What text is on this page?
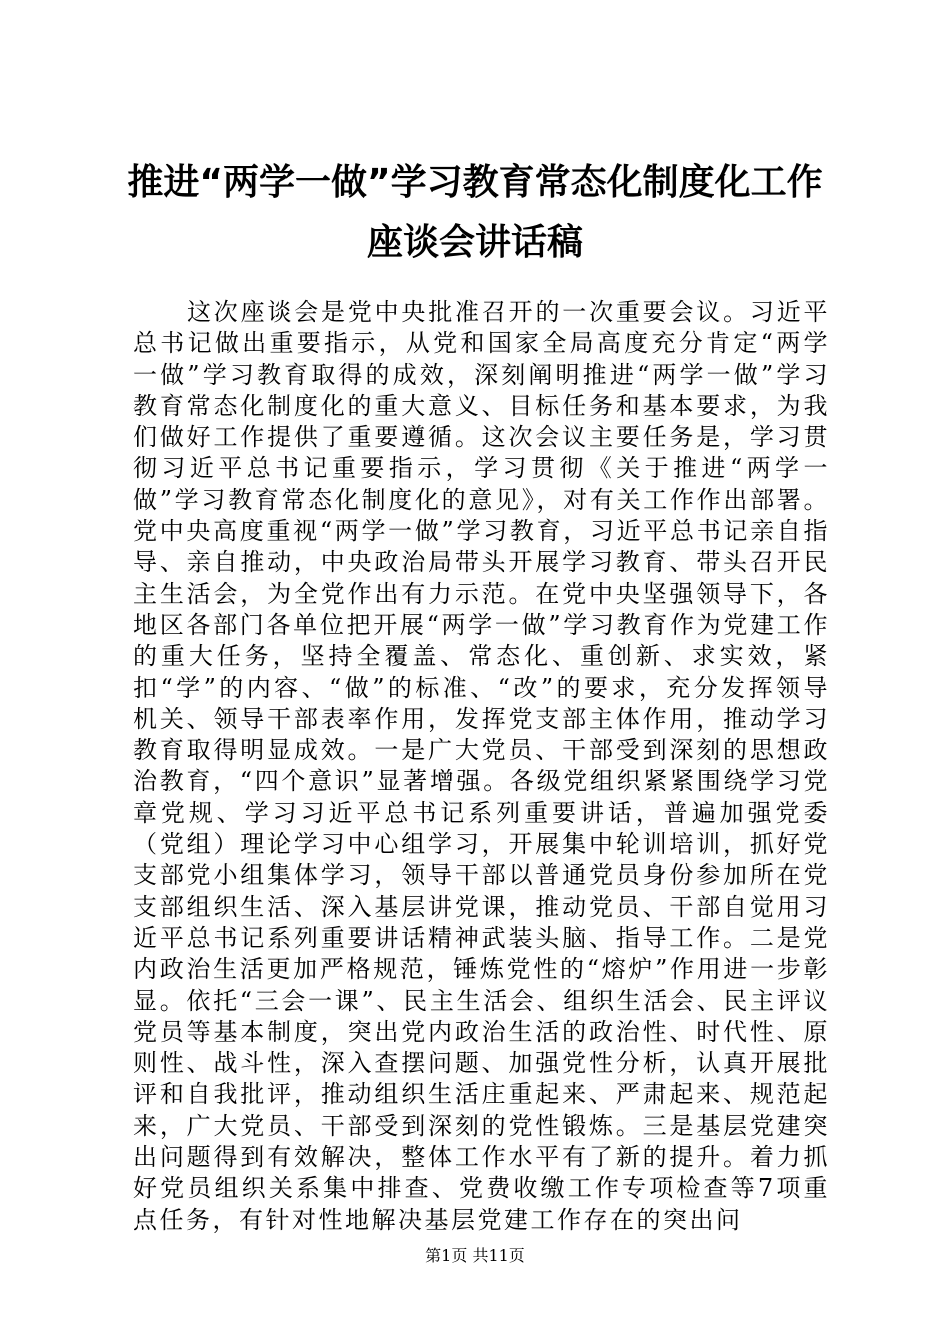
推进“两学一做”学习教育常态化制度化工作
座谈会讲话稿

这次座谈会是党中央批准召开的一次重要会议。习近平总书记做出重要指示，从党和国家全局高度充分肯定“两学一做”学习教育取得的成效，深刻阐明推进“两学一做”学习教育常态化制度化的重大意义、目标任务和基本要求，为我们做好工作提供了重要遵循。这次会议主要任务是，学习贯彻习近平总书记重要指示，学习贯彻《关于推进“两学一做”学习教育常态化制度化的意见》，对有关工作作出部署。党中央高度重视“两学一做”学习教育，习近平总书记亲自指导、亲自推动，中央政治局带头开展学习教育、带头召开民主生活会，为全党作出有力示范。在党中央坚强领导下，各地区各部门各单位把开展“两学一做”学习教育作为党建工作的重大任务，坚持全覆盖、常态化、重创新、求实效，紧扣“学”的内容、“做”的标准、“改”的要求，充分发挥领导机关、领导干部表率作用，发挥党支部主体作用，推动学习教育取得明显成效。一是广大党员、干部受到深刻的思想政治教育，“四个意识”显著增强。各级党组织紧紧围绕学习党章党规、学习习近平总书记系列重要讲话，普遍加强党委（党组）理论学习中心组学习，开展集中轮训培训，抓好党支部党小组集体学习，领导干部以普通党员身份参加所在党支部组织生活、深入基层讲党课，推动党员、干部自觉用习近平总书记系列重要讲话精神武装头脑、指导工作。二是党内政治生活更加严格规范，锤炼党性的“熔炉”作用进一步彰显。依托“三会一课”、民主生活会、组织生活会、民主评议党员等基本制度，突出党内政治生活的政治性、时代性、原则性、战斗性，深入查摆问题、加强党性分析，认真开展批评和自我批评，推动组织生活庄重起来、严肃起来、规范起来，广大党员、干部受到深刻的党性锻炼。三是基层党建突出问题得到有效解决，整体工作水平有了新的提升。着力抓好党员组织关系集中排查、党费收缴工作专项检查等7项重点任务，有针对性地解决基层党建工作存在的突出问

第1页 共11页
